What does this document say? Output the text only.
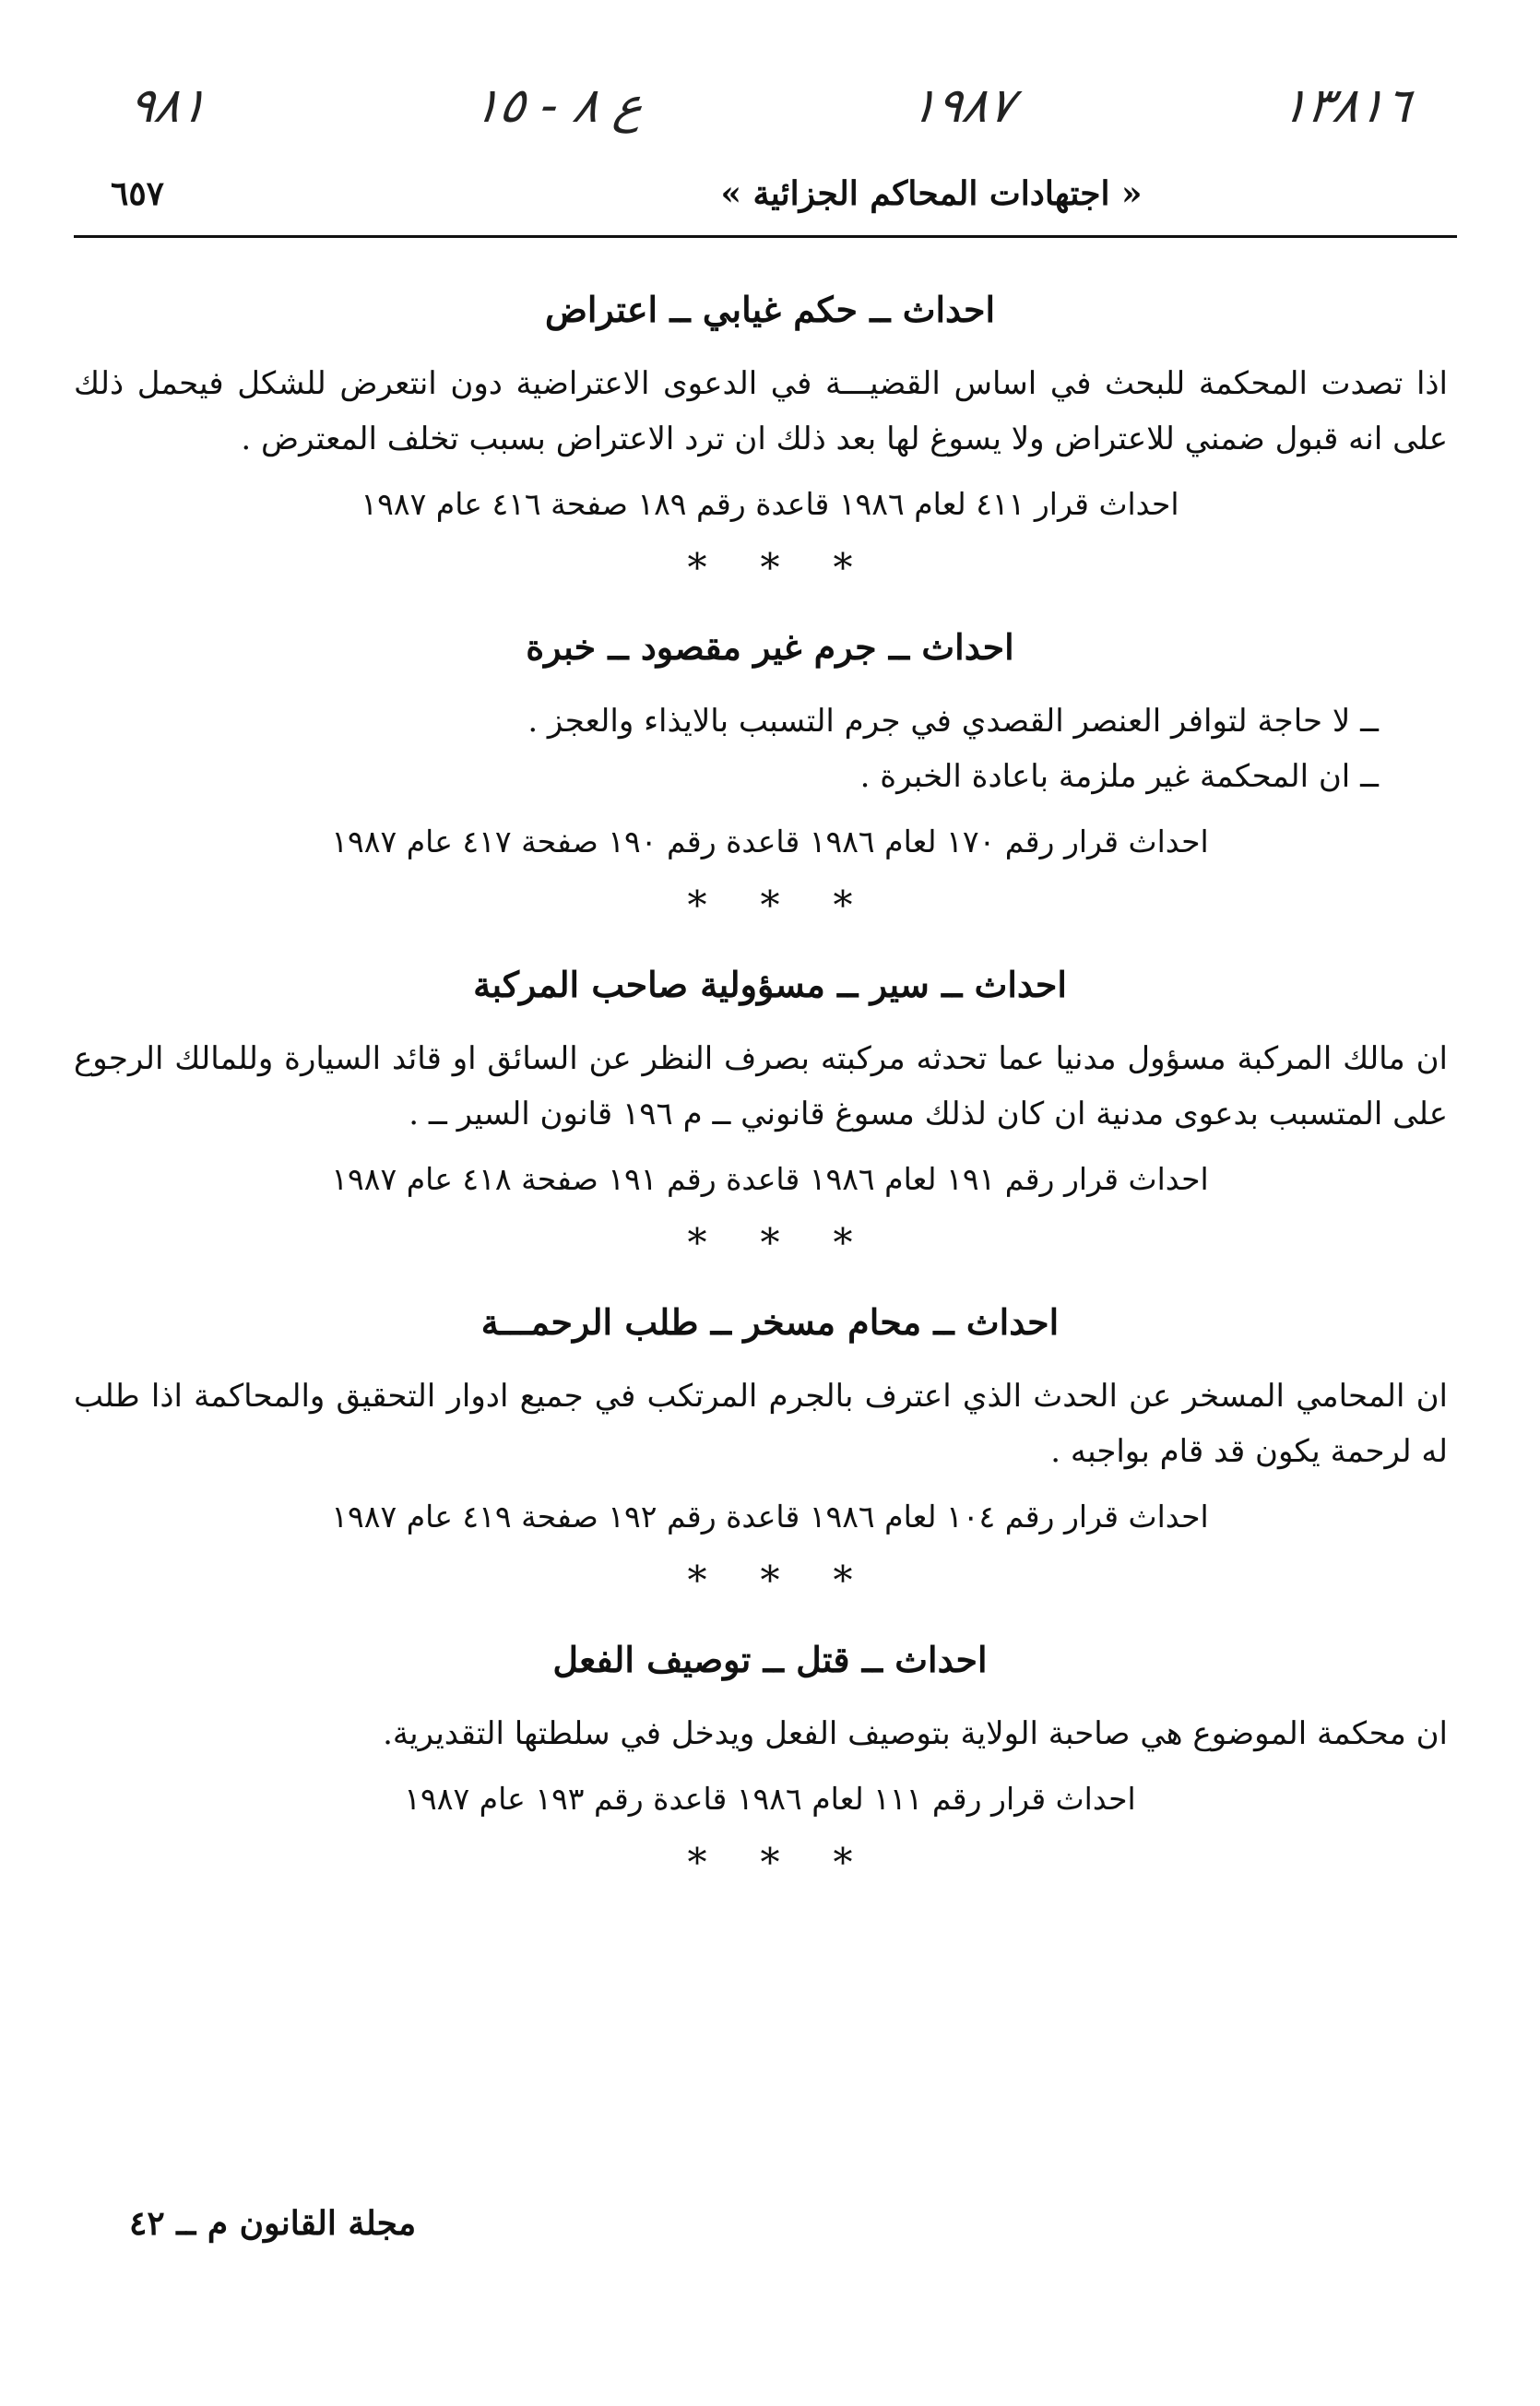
١٣٨١٦
١٩٨٧
ع ٨ - ١٥
٩٨١
« اجتهادات المحاكم الجزائية »
٦٥٧
احداث ــ حكم غيابي ــ اعتراض

اذا تصدت المحكمة للبحث في اساس القضيـــة في الدعوى الاعتراضية دون انتعرض للشكل فيحمل ذلك على انه قبول ضمني للاعتراض ولا يسوغ لها بعد ذلك ان ترد الاعتراض بسبب تخلف المعترض .

احداث قرار ٤١١ لعام ١٩٨٦ قاعدة رقم ١٨٩ صفحة ٤١٦ عام ١٩٨٧

***
احداث ــ جرم غير مقصود ــ خبرة

ــ لا حاجة لتوافر العنصر القصدي في جرم التسبب بالايذاء والعجز .

ــ ان المحكمة غير ملزمة باعادة الخبرة .

احداث قرار رقم ١٧٠ لعام ١٩٨٦ قاعدة رقم ١٩٠ صفحة ٤١٧ عام ١٩٨٧

***
احداث ــ سير ــ مسؤولية صاحب المركبة

ان مالك المركبة مسؤول مدنيا عما تحدثه مركبته بصرف النظر عن السائق او قائد السيارة وللمالك الرجوع على المتسبب بدعوى مدنية ان كان لذلك مسوغ قانوني ــ م ١٩٦ قانون السير ــ .

احداث قرار رقم ١٩١ لعام ١٩٨٦ قاعدة رقم ١٩١ صفحة ٤١٨ عام ١٩٨٧

***
احداث ــ محام مسخر ــ طلب الرحمـــة

ان المحامي المسخر عن الحدث الذي اعترف بالجرم المرتكب في جميع ادوار التحقيق والمحاكمة اذا طلب له لرحمة يكون قد قام بواجبه .

احداث قرار رقم ١٠٤ لعام ١٩٨٦ قاعدة رقم ١٩٢ صفحة ٤١٩ عام ١٩٨٧

***
احداث ــ قتل ــ توصيف الفعل

ان محكمة الموضوع هي صاحبة الولاية بتوصيف الفعل ويدخل في سلطتها التقديرية.

احداث قرار رقم ١١١ لعام ١٩٨٦ قاعدة رقم ١٩٣ عام ١٩٨٧

***
مجلة القانون م ــ ٤٢
